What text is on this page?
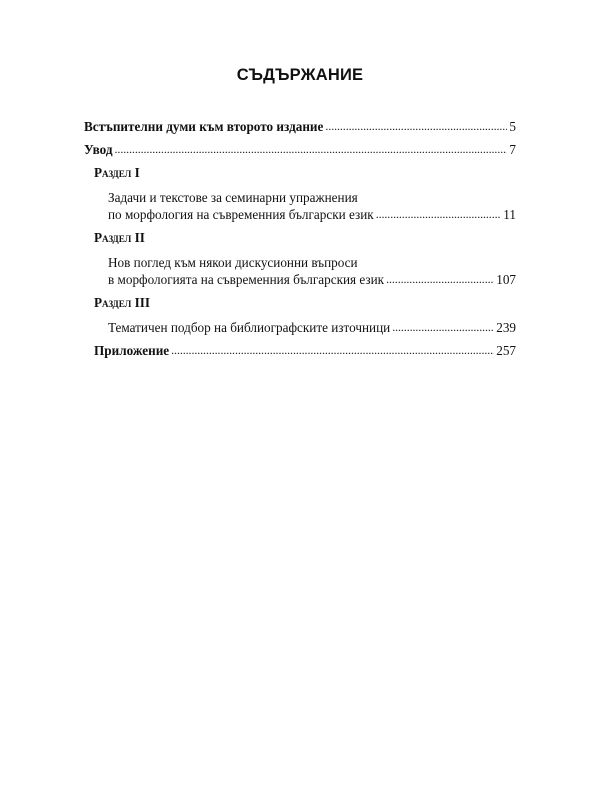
СЪДЪРЖАНИЕ
Встъпителни думи към второто издание . . .	5
Увод . . .	7
Раздел I
Задачи и текстове за семинарни упражнения
по морфология на съвременния български език . . .	11
Раздел II
Нов поглед към някои дискусионни въпроси
в морфологията на съвременния българския език . . .	107
Раздел III
Тематичен подбор на библиографските източници . . .	239
Приложение . . .	257
